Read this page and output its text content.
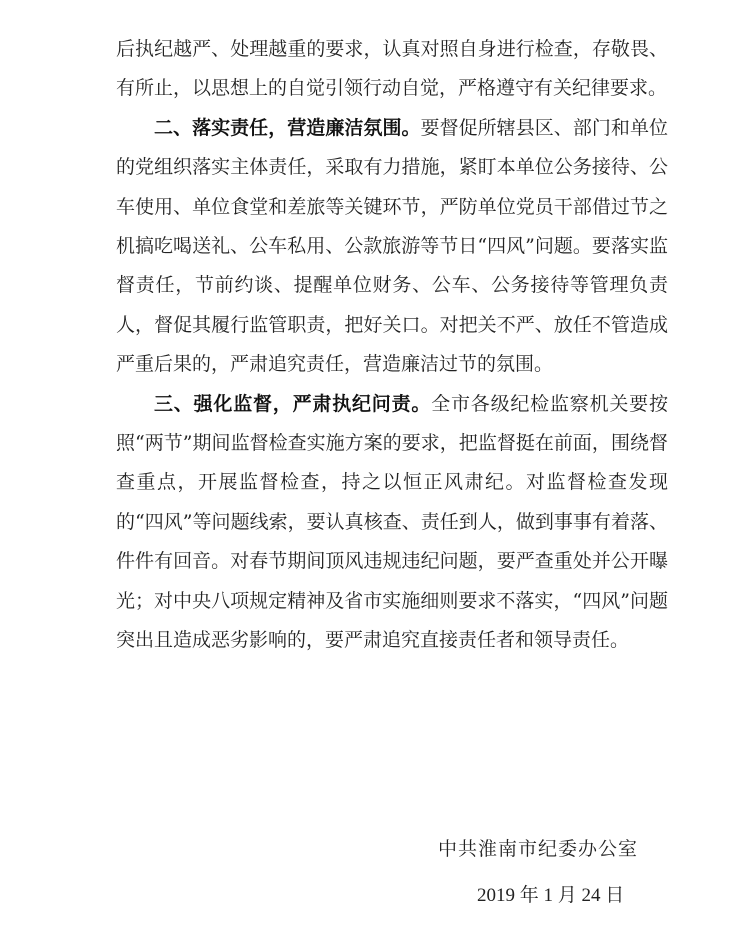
后执纪越严、处理越重的要求，认真对照自身进行检查，存敬畏、有所止，以思想上的自觉引领行动自觉，严格遵守有关纪律要求。

二、落实责任，营造廉洁氛围。要督促所辖县区、部门和单位的党组织落实主体责任，采取有力措施，紧盯本单位公务接待、公车使用、单位食堂和差旅等关键环节，严防单位党员干部借过节之机搞吃喝送礼、公车私用、公款旅游等节日“四风”问题。要落实监督责任，节前约谈、提醒单位财务、公车、公务接待等管理负责人，督促其履行监管职责，把好关口。对把关不严、放任不管造成严重后果的，严肃追究责任，营造廉洁过节的氛围。

三、强化监督，严肃执纪问责。全市各级纪检监察机关要按照“两节”期间监督检查实施方案的要求，把监督挺在前面，围绕督查重点，开展监督检查，持之以恒正风肃纪。对监督检查发现的“四风”等问题线索，要认真核查、责任到人，做到事事有着落、件件有回音。对春节期间顶风违规违纪问题，要严查重处并公开曝光；对中央八项规定精神及省市实施细则要求不落实，“四风”问题突出且造成恶劣影响的，要严肃追究直接责任者和领导责任。

中共淮南市纪委办公室
2019 年 1 月 24 日
